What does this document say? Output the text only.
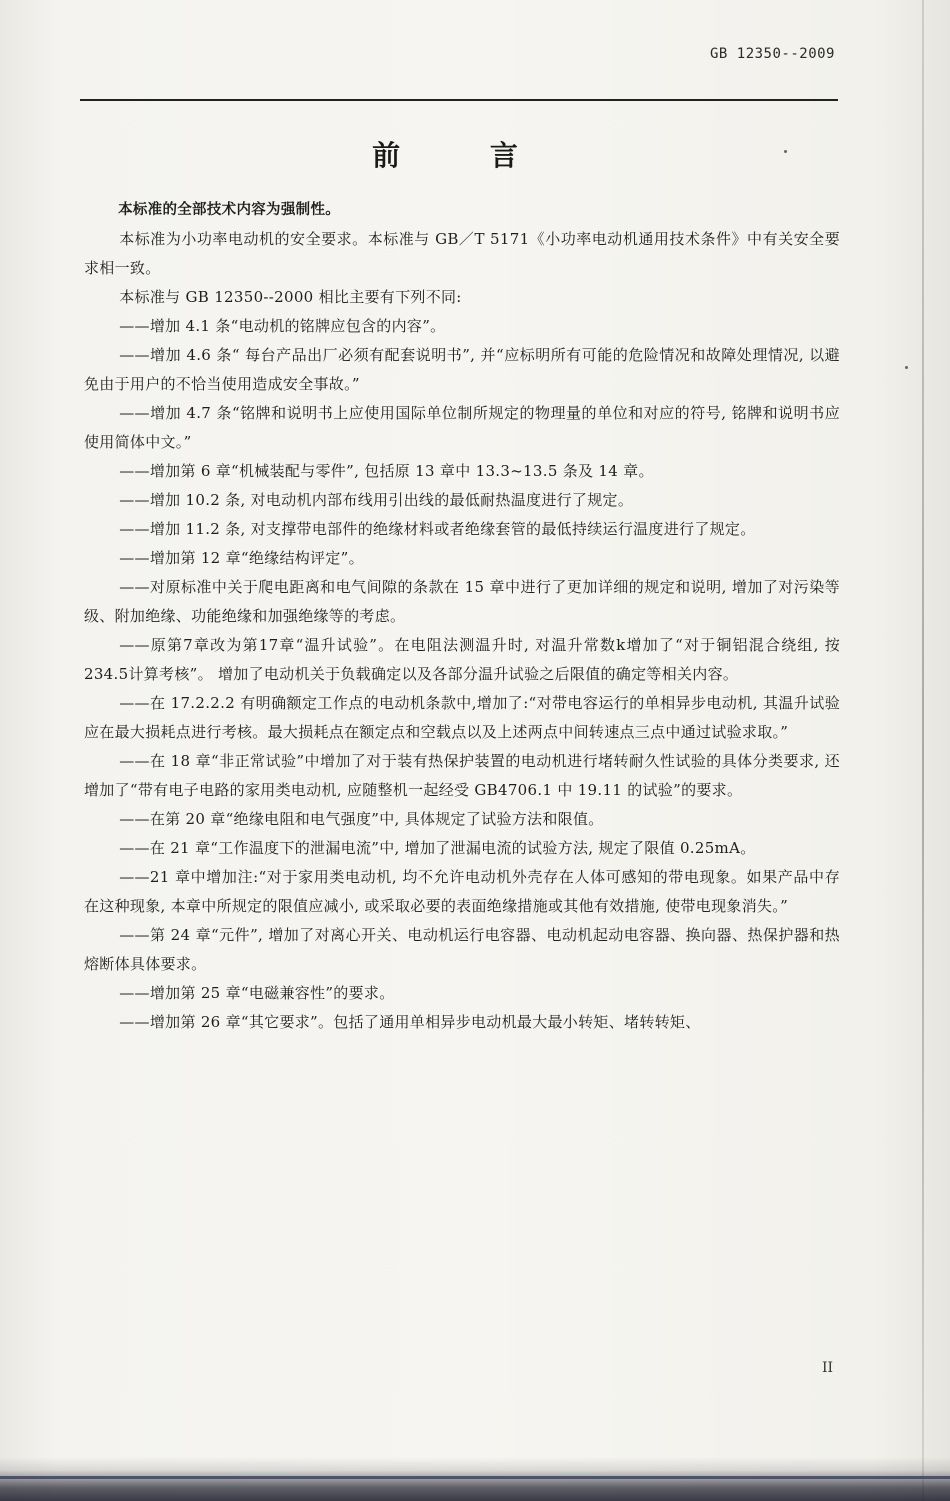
GB 12350--2009
前 言

本标准的全部技术内容为强制性。

本标准为小功率电动机的安全要求。本标准与 GB／T 5171《小功率电动机通用技术条件》中有关安全要求相一致。

本标准与 GB 12350--2000 相比主要有下列不同:

——增加 4.1 条“电动机的铭牌应包含的内容”。

——增加 4.6 条“ 每台产品出厂必须有配套说明书”, 并“应标明所有可能的危险情况和故障处理情况, 以避免由于用户的不恰当使用造成安全事故。”

——增加 4.7 条“铭牌和说明书上应使用国际单位制所规定的物理量的单位和对应的符号, 铭牌和说明书应使用简体中文。”

——增加第 6 章“机械装配与零件”, 包括原 13 章中 13.3~13.5 条及 14 章。

——增加 10.2 条, 对电动机内部布线用引出线的最低耐热温度进行了规定。

——增加 11.2 条, 对支撑带电部件的绝缘材料或者绝缘套管的最低持续运行温度进行了规定。

——增加第 12 章“绝缘结构评定”。

——对原标准中关于爬电距离和电气间隙的条款在 15 章中进行了更加详细的规定和说明, 增加了对污染等级、附加绝缘、功能绝缘和加强绝缘等的考虑。

——原第7章改为第17章“温升试验”。在电阻法测温升时, 对温升常数k增加了“对于铜铝混合绕组, 按234.5计算考核”。 增加了电动机关于负载确定以及各部分温升试验之后限值的确定等相关内容。

——在 17.2.2.2 有明确额定工作点的电动机条款中,增加了:“对带电容运行的单相异步电动机, 其温升试验应在最大损耗点进行考核。最大损耗点在额定点和空载点以及上述两点中间转速点三点中通过试验求取。”

——在 18 章“非正常试验”中增加了对于装有热保护装置的电动机进行堵转耐久性试验的具体分类要求, 还增加了“带有电子电路的家用类电动机, 应随整机一起经受 GB4706.1 中 19.11 的试验”的要求。

——在第 20 章“绝缘电阻和电气强度”中, 具体规定了试验方法和限值。

——在 21 章“工作温度下的泄漏电流”中, 增加了泄漏电流的试验方法, 规定了限值 0.25mA。

——21 章中增加注:“对于家用类电动机, 均不允许电动机外壳存在人体可感知的带电现象。如果产品中存在这种现象, 本章中所规定的限值应减小, 或采取必要的表面绝缘措施或其他有效措施, 使带电现象消失。”

——第 24 章“元件”, 增加了对离心开关、电动机运行电容器、电动机起动电容器、换向器、热保护器和热熔断体具体要求。

——增加第 25 章“电磁兼容性”的要求。

——增加第 26 章“其它要求”。包括了通用单相异步电动机最大最小转矩、堵转转矩、

II
